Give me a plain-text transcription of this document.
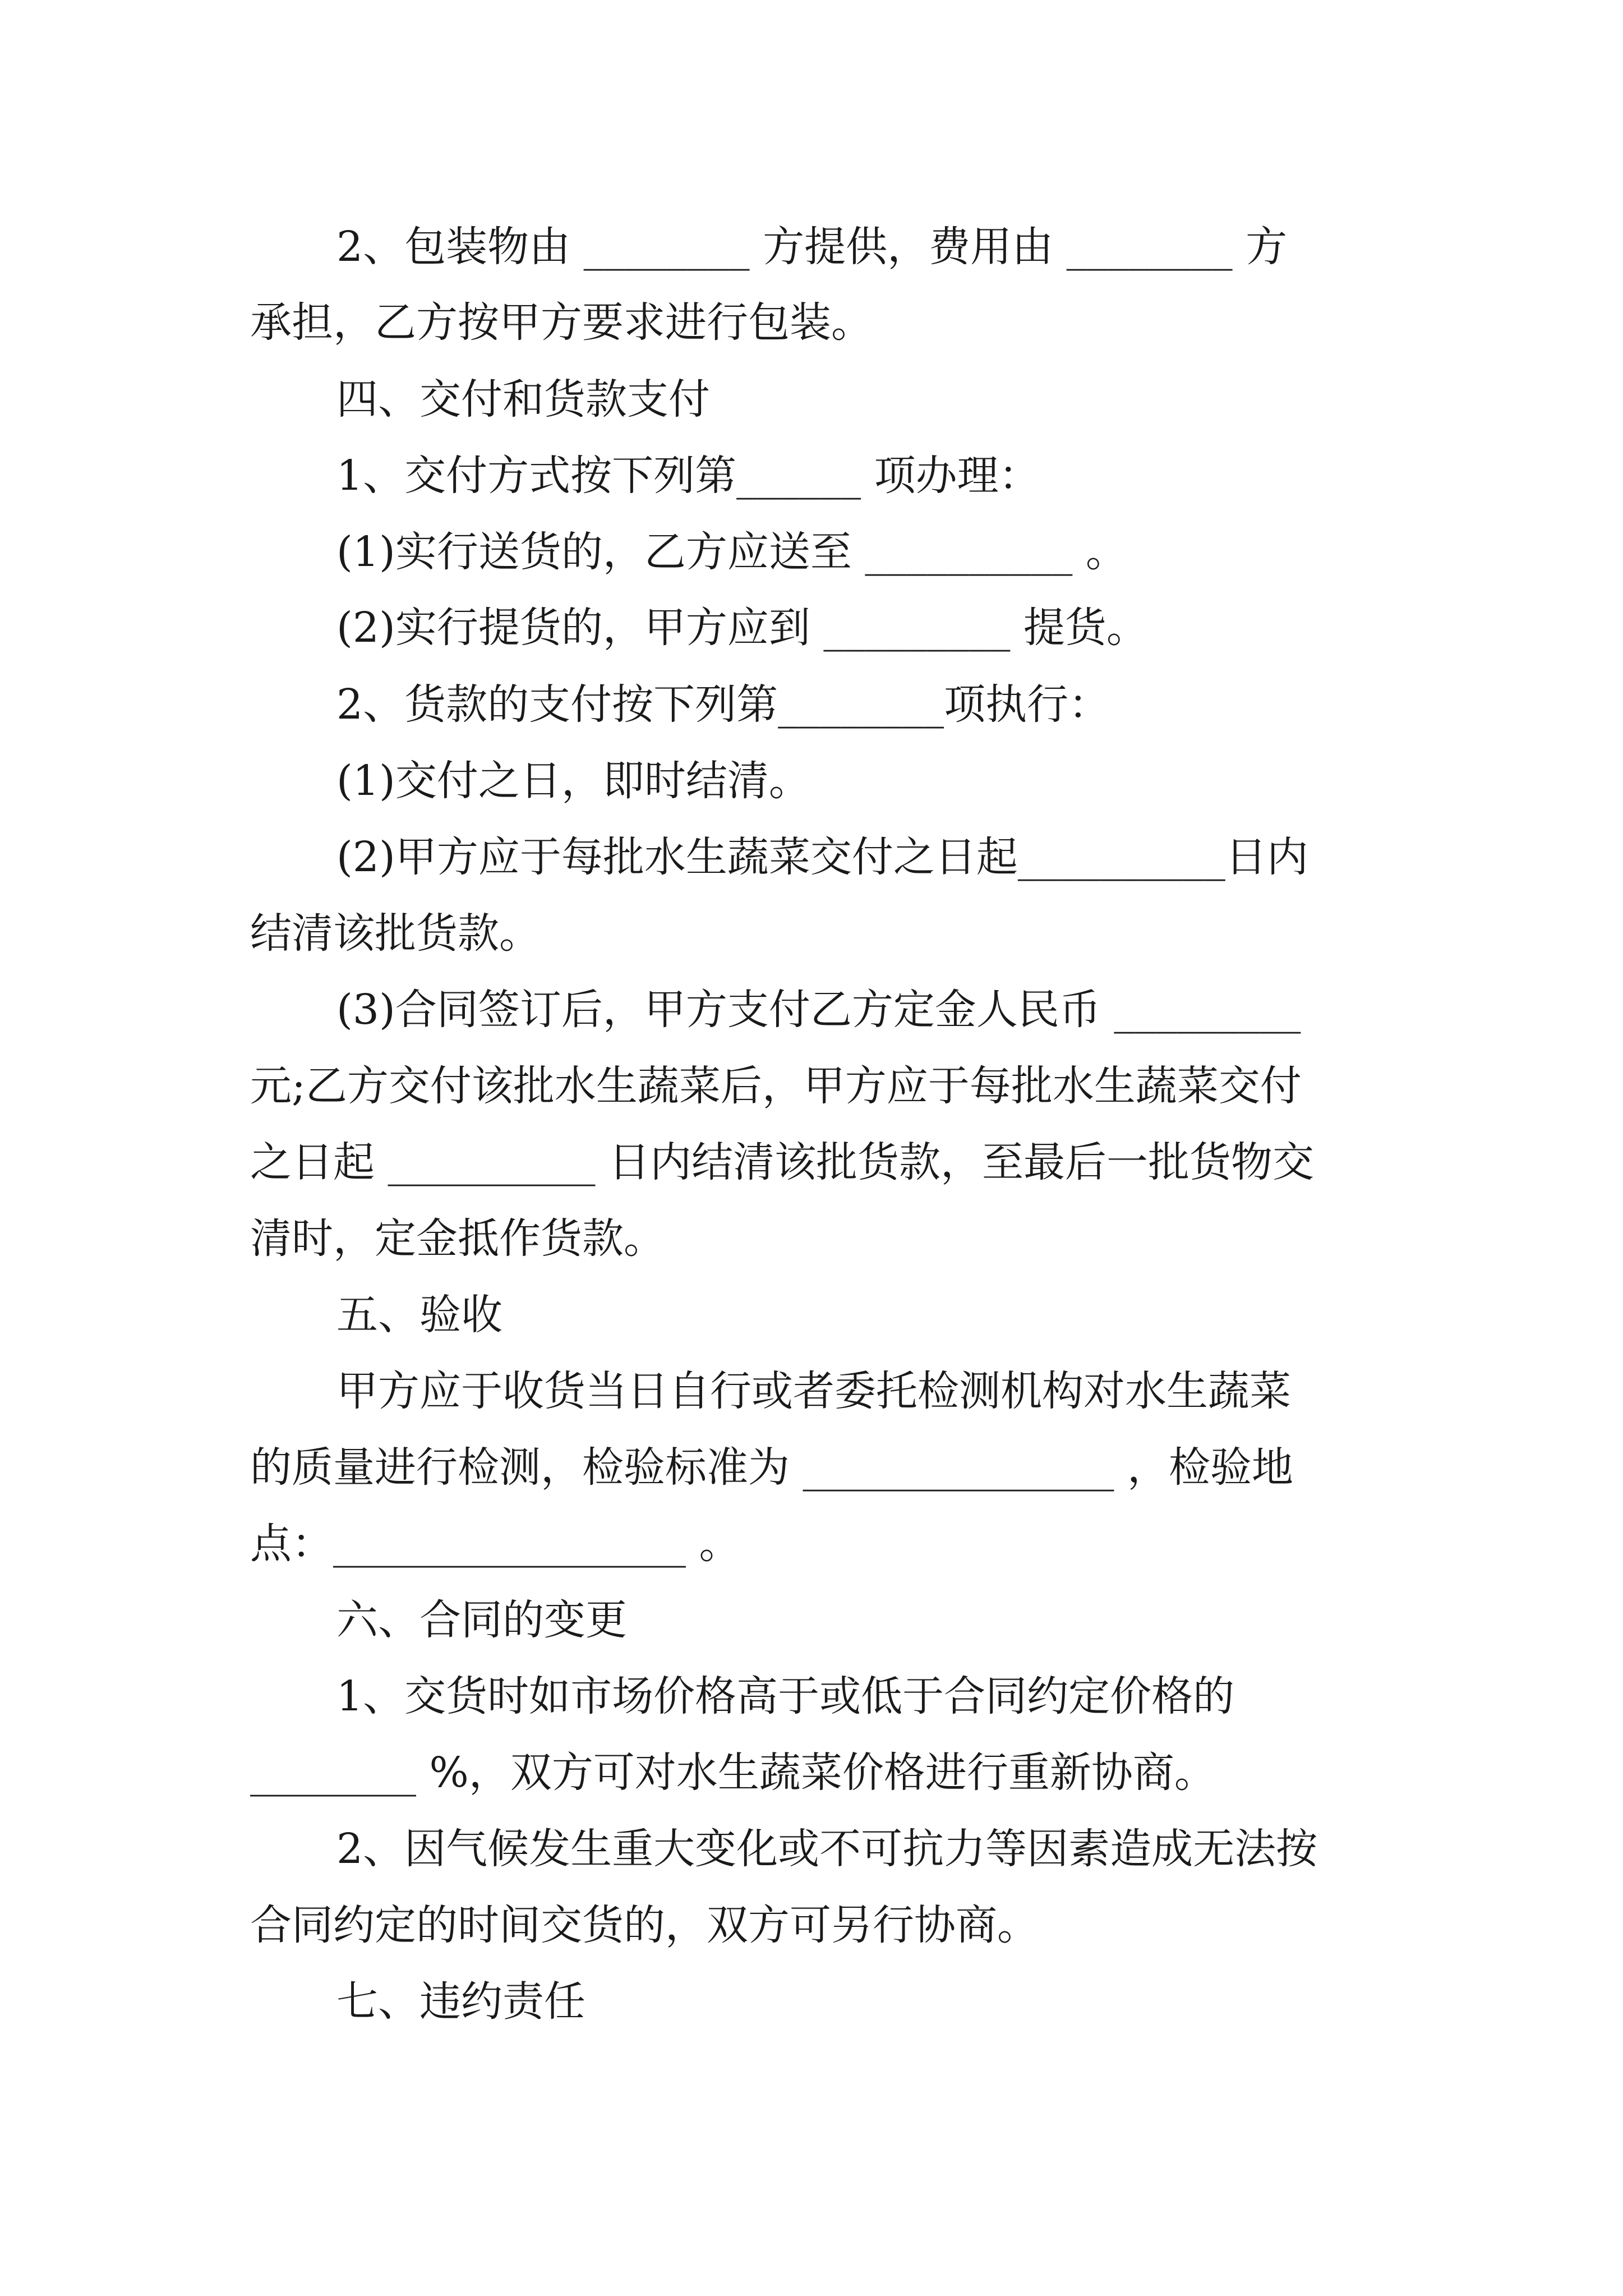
2、包装物由 ________ 方提供，费用由 ________ 方
承担，乙方按甲方要求进行包装。
四、交付和货款支付
1、交付方式按下列第______ 项办理：
(1)实行送货的，乙方应送至 __________ 。
(2)实行提货的，甲方应到 _________ 提货。
2、货款的支付按下列第________项执行：
(1)交付之日，即时结清。
(2)甲方应于每批水生蔬菜交付之日起__________日内
结清该批货款。
(3)合同签订后，甲方支付乙方定金人民币 _________
元;乙方交付该批水生蔬菜后，甲方应于每批水生蔬菜交付
之日起 __________ 日内结清该批货款，至最后一批货物交
清时，定金抵作货款。
五、验收
甲方应于收货当日自行或者委托检测机构对水生蔬菜
的质量进行检测，检验标准为 _______________ ，检验地
点：_________________ 。
六、合同的变更
1、交货时如市场价格高于或低于合同约定价格的
________ %，双方可对水生蔬菜价格进行重新协商。
2、因气候发生重大变化或不可抗力等因素造成无法按
合同约定的时间交货的，双方可另行协商。
七、违约责任
